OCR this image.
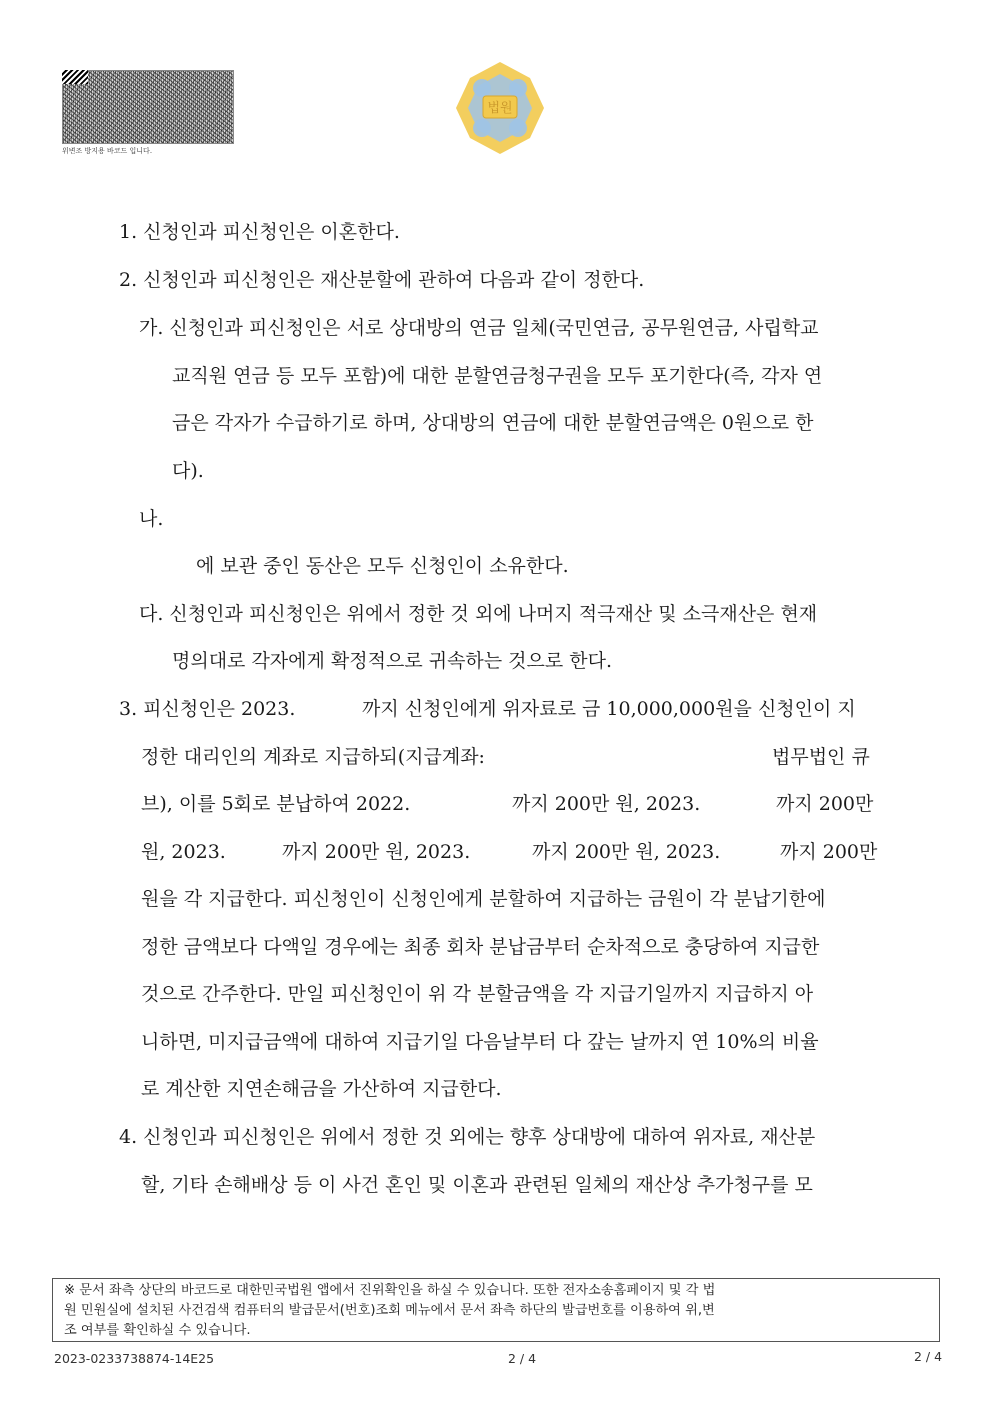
위변조 방지용 바코드 입니다.
법원
1. 신청인과 피신청인은 이혼한다.
2. 신청인과 피신청인은 재산분할에 관하여 다음과 같이 정한다.
가. 신청인과 피신청인은 서로 상대방의 연금 일체(국민연금, 공무원연금, 사립학교
교직원 연금 등 모두 포함)에 대한 분할연금청구권을 모두 포기한다(즉, 각자 연
금은 각자가 수급하기로 하며, 상대방의 연금에 대한 분할연금액은 0원으로 한
다).
나.
에 보관 중인 동산은 모두 신청인이 소유한다.
다. 신청인과 피신청인은 위에서 정한 것 외에 나머지 적극재산 및 소극재산은 현재
명의대로 각자에게 확정적으로 귀속하는 것으로 한다.
3. 피신청인은 2023.	까지 신청인에게 위자료로 금 10,000,000원을 신청인이 지
정한 대리인의 계좌로 지급하되(지급계좌:	법무법인 큐
브), 이를 5회로 분납하여 2022.	까지 200만 원, 2023.	까지 200만
원, 2023.	까지 200만 원, 2023.	까지 200만 원, 2023.	까지 200만
원을 각 지급한다. 피신청인이 신청인에게 분할하여 지급하는 금원이 각 분납기한에
정한 금액보다 다액일 경우에는 최종 회차 분납금부터 순차적으로 충당하여 지급한
것으로 간주한다. 만일 피신청인이 위 각 분할금액을 각 지급기일까지 지급하지 아
니하면, 미지급금액에 대하여 지급기일 다음날부터 다 갚는 날까지 연 10%의 비율
로 계산한 지연손해금을 가산하여 지급한다.
4. 신청인과 피신청인은 위에서 정한 것 외에는 향후 상대방에 대하여 위자료, 재산분
할, 기타 손해배상 등 이 사건 혼인 및 이혼과 관련된 일체의 재산상 추가청구를 모
※ 문서 좌측 상단의 바코드로 대한민국법원 앱에서 진위확인을 하실 수 있습니다. 또한 전자소송홈페이지 및 각 법
원 민원실에 설치된 사건검색 컴퓨터의 발급문서(번호)조회 메뉴에서 문서 좌측 하단의 발급번호를 이용하여 위,변
조 여부를 확인하실 수 있습니다.
2023-0233738874-14E25	2 / 4	2 / 4
